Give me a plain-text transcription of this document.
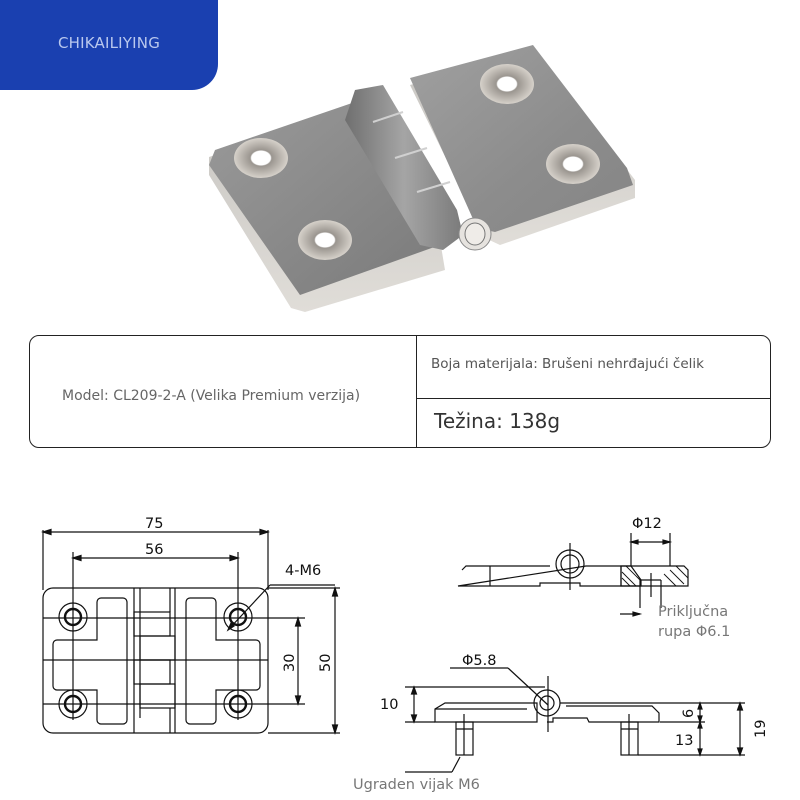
CHIKAILIYING
Model: CL209-2-A (Velika Premium verzija)
Boja materijala: Brušeni nehrđajući čelik
Težina: 138g
75
56
4-M6
30 50
Φ12
Φ5.8
10
6
13
19
Priključna
rupa Φ6.1
Ugraden vijak M6
